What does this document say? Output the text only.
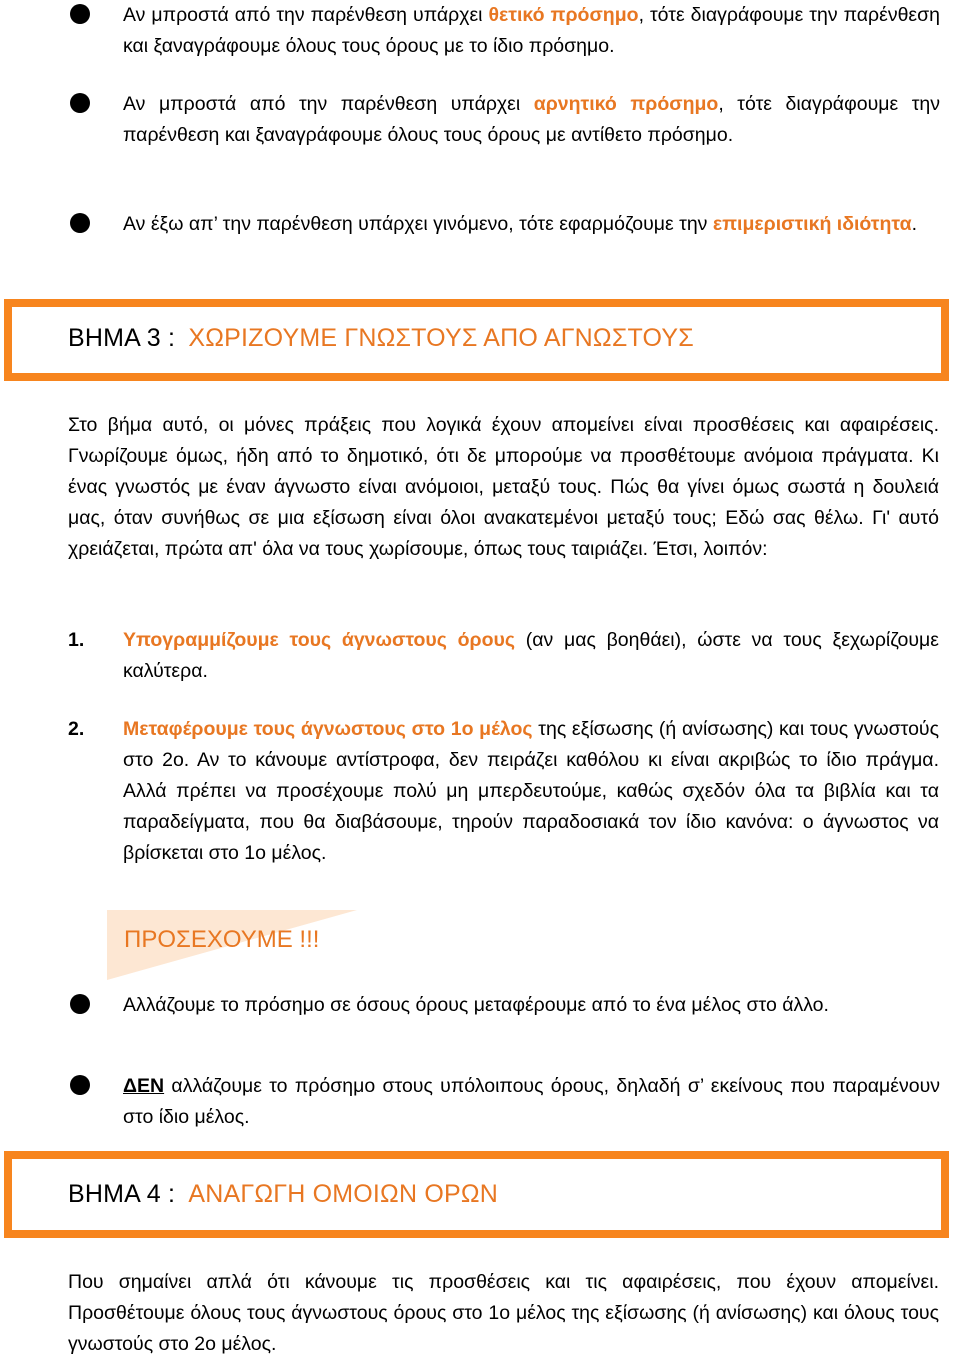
Αν μπροστά από την παρένθεση υπάρχει θετικό πρόσημο, τότε διαγράφουμε την παρένθεση και ξαναγράφουμε όλους τους όρους με το ίδιο πρόσημο.
Αν μπροστά από την παρένθεση υπάρχει αρνητικό πρόσημο, τότε διαγράφουμε την παρένθεση και ξαναγράφουμε όλους τους όρους με αντίθετο πρόσημο.
Αν έξω απ’ την παρένθεση υπάρχει γινόμενο, τότε εφαρμόζουμε την επιμεριστική ιδιότητα.
ΒΗΜΑ 3 : ΧΩΡΙΖΟΥΜΕ ΓΝΩΣΤΟΥΣ ΑΠΟ ΑΓΝΩΣΤΟΥΣ
Στο βήμα αυτό, οι μόνες πράξεις που λογικά έχουν απομείνει είναι προσθέσεις και αφαιρέσεις. Γνωρίζουμε όμως, ήδη από το δημοτικό, ότι δε μπορούμε να προσθέτουμε ανόμοια πράγματα. Κι ένας γνωστός με έναν άγνωστο είναι ανόμοιοι, μεταξύ τους. Πώς θα γίνει όμως σωστά η δουλειά μας, όταν συνήθως σε μια εξίσωση είναι όλοι ανακατεμένοι μεταξύ τους; Εδώ σας θέλω. Γι' αυτό χρειάζεται, πρώτα απ' όλα να τους χωρίσουμε, όπως τους ταιριάζει. Έτσι, λοιπόν:
1. Υπογραμμίζουμε τους άγνωστους όρους (αν μας βοηθάει), ώστε να τους ξεχωρίζουμε καλύτερα.
2. Μεταφέρουμε τους άγνωστους στο 1ο μέλος της εξίσωσης (ή ανίσωσης) και τους γνωστούς στο 2ο. Αν το κάνουμε αντίστροφα, δεν πειράζει καθόλου κι είναι ακριβώς το ίδιο πράγμα. Αλλά πρέπει να προσέχουμε πολύ μη μπερδευτούμε, καθώς σχεδόν όλα τα βιβλία και τα παραδείγματα, που θα διαβάσουμε, τηρούν παραδοσιακά τον ίδιο κανόνα: ο άγνωστος να βρίσκεται στο 1ο μέλος.
ΠΡΟΣΕΧΟΥΜΕ !!!
Αλλάζουμε το πρόσημο σε όσους όρους μεταφέρουμε από το ένα μέλος στο άλλο.
ΔΕΝ αλλάζουμε το πρόσημο στους υπόλοιπους όρους, δηλαδή σ’ εκείνους που παραμένουν στο ίδιο μέλος.
ΒΗΜΑ 4 : ΑΝΑΓΩΓΗ ΟΜΟΙΩΝ ΟΡΩΝ
Που σημαίνει απλά ότι κάνουμε τις προσθέσεις και τις αφαιρέσεις, που έχουν απομείνει. Προσθέτουμε όλους τους άγνωστους όρους στο 1ο μέλος της εξίσωσης (ή ανίσωσης) και όλους τους γνωστούς στο 2ο μέλος.
